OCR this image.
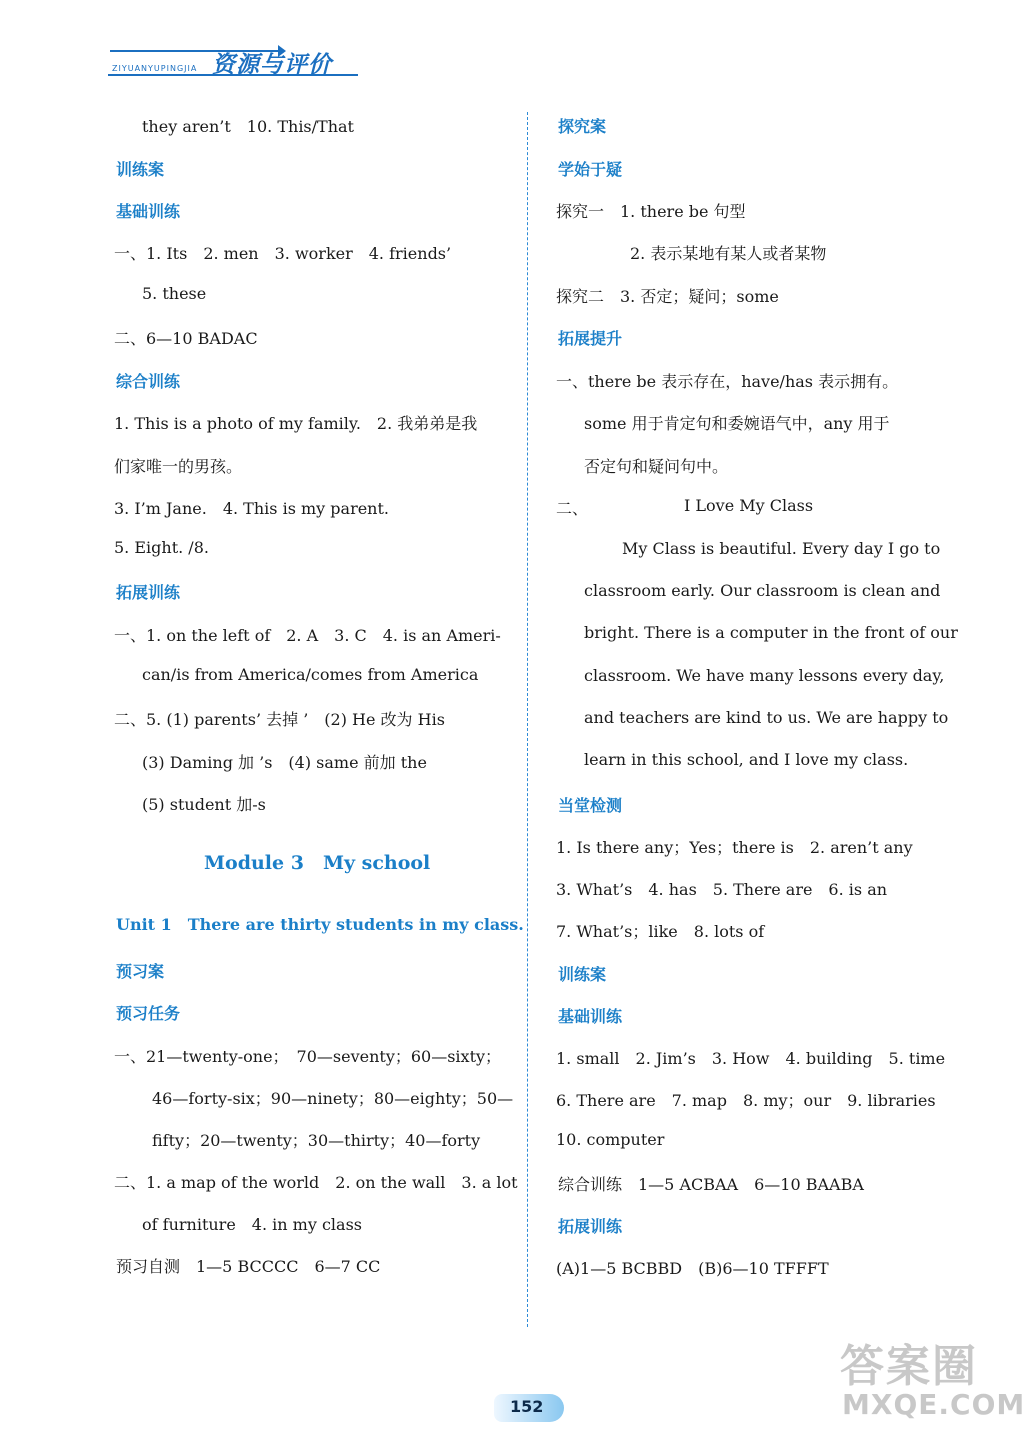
ZIYUANYUPINGJIA 资源与评价
they aren’t　10. This/That
训练案
基础训练
一、1. Its　2. men　3. worker　4. friends’
5. these
二、6—10 BADAC
综合训练
1. This is a photo of my family.　2. 我弟弟是我
们家唯一的男孩。
3. I’m Jane.　4. This is my parent.
5. Eight. /8.
拓展训练
一、1. on the left of　2. A　3. C　4. is an Ameri-
can/is from America/comes from America
二、5. (1) parents’ 去掉 ’　(2) He 改为 His
(3) Daming 加 ’s　(4) same 前加 the
(5) student 加-s
Module 3　My school
Unit 1　There are thirty students in my class.
预习案
预习任务
一、21—twenty-one；　70—seventy；60—sixty；
46—forty-six；90—ninety；80—eighty；50—
fifty；20—twenty；30—thirty；40—forty
二、1. a map of the world　2. on the wall　3. a lot
of furniture　4. in my class
预习自测　1—5 BCCCC　6—7 CC
探究案
学始于疑
探究一　1. there be 句型
2. 表示某地有某人或者某物
探究二　3. 否定；疑问；some
拓展提升
一、there be 表示存在，have/has 表示拥有。
some 用于肯定句和委婉语气中，any 用于
否定句和疑问句中。
二、	I Love My Class
My Class is beautiful. Every day I go to
classroom early. Our classroom is clean and
bright. There is a computer in the front of our
classroom. We have many lessons every day,
and teachers are kind to us. We are happy to
learn in this school, and I love my class.
当堂检测
1. Is there any；Yes；there is　2. aren’t any
3. What’s　4. has　5. There are　6. is an
7. What’s；like　8. lots of
训练案
基础训练
1. small　2. Jim’s　3. How　4. building　5. time
6. There are　7. map　8. my；our　9. libraries
10. computer
综合训练　1—5 ACBAA　6—10 BAABA
拓展训练
(A)1—5 BCBBD　(B)6—10 TFFFT
152
答案圈
MXQE.COM
